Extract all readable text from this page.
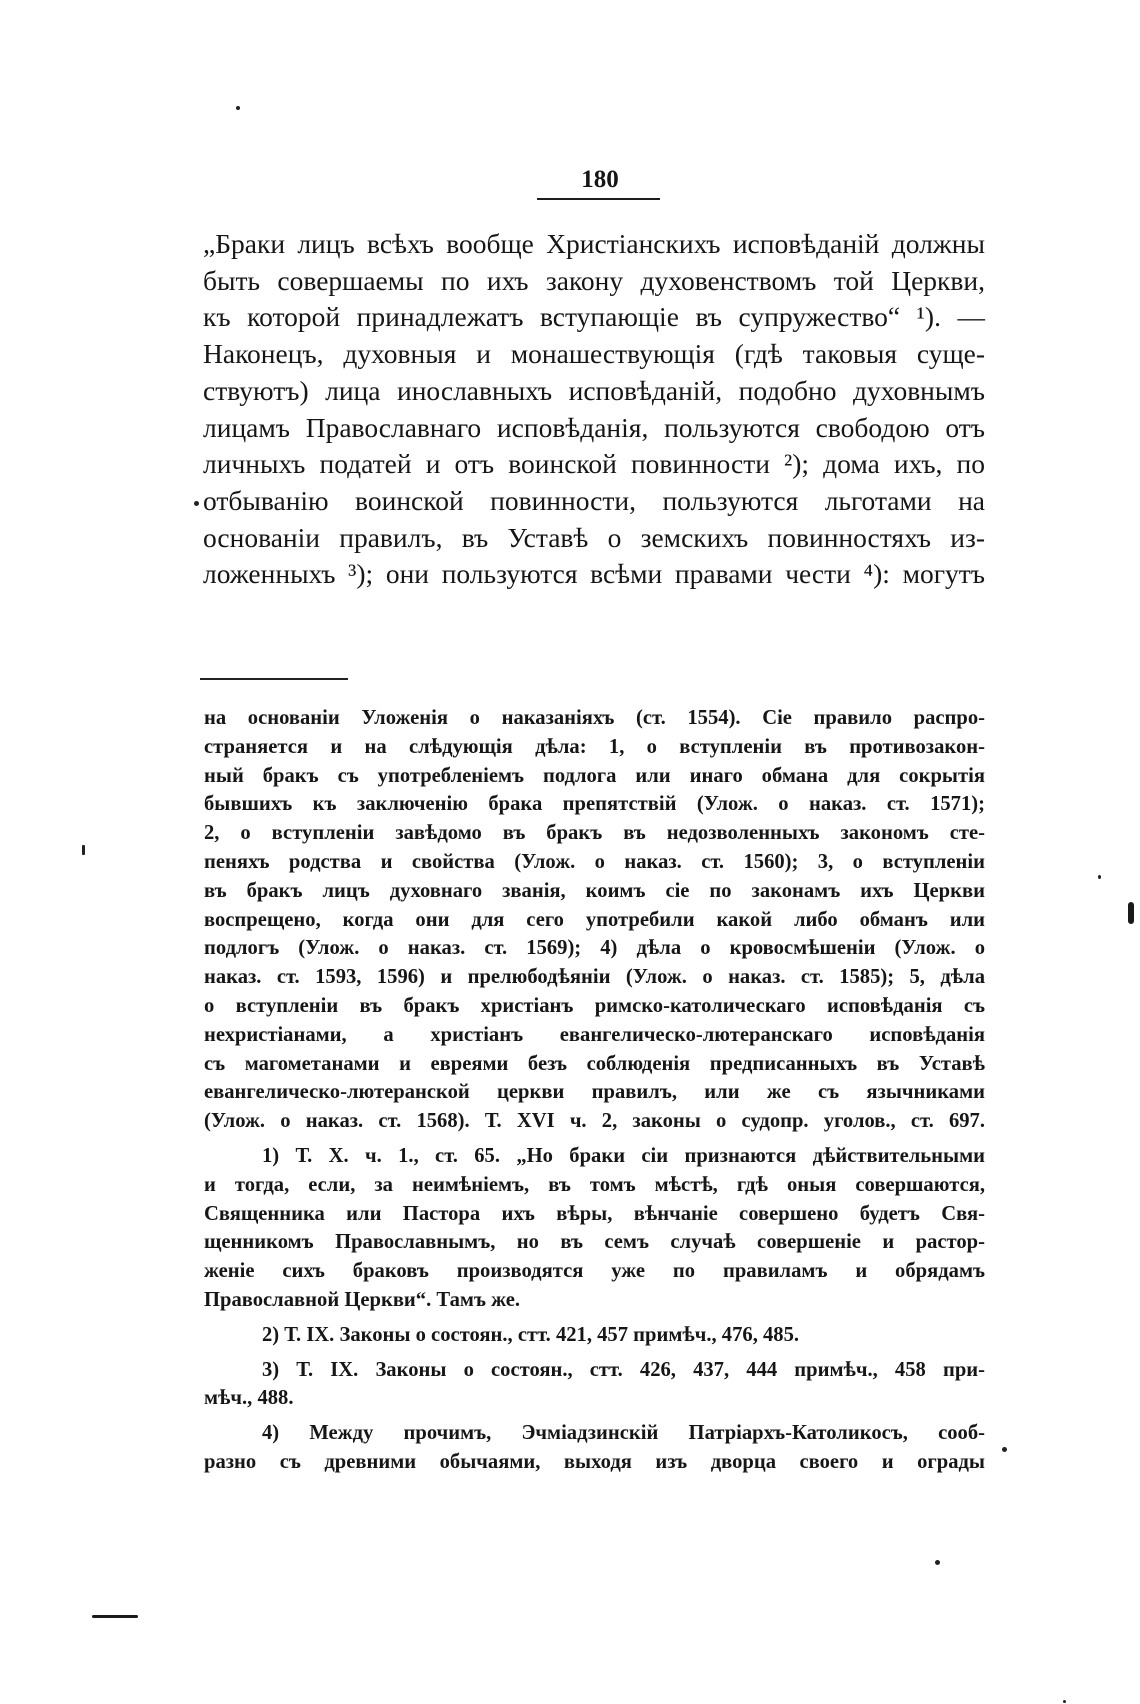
180
„Браки лицъ всѣхъ вообще Христіанскихъ исповѣданій должны
быть совершаемы по ихъ закону духовенствомъ той Церкви,
къ которой принадлежатъ вступающіе въ супружество“ ¹). —
Наконецъ, духовныя и монашествующія (гдѣ таковыя суще-
ствуютъ) лица инославныхъ исповѣданій, подобно духовнымъ
лицамъ Православнаго исповѣданія, пользуются свободою отъ
личныхъ податей и отъ воинской повинности ²); дома ихъ, по
отбыванію воинской повинности, пользуются льготами на
основаніи правилъ, въ Уставѣ о земскихъ повинностяхъ из-
ложенныхъ ³); они пользуются всѣми правами чести ⁴): могутъ
на основаніи Уложенія о наказаніяхъ (ст. 1554). Сіе правило распро-
страняется и на слѣдующія дѣла: 1, о вступленіи въ противозакон-
ный бракъ съ употребленіемъ подлога или инаго обмана для сокрытія
бывшихъ къ заключенію брака препятствій (Улож. о наказ. ст. 1571);
2, о вступленіи завѣдомо въ бракъ въ недозволенныхъ закономъ сте-
пеняхъ родства и свойства (Улож. о наказ. ст. 1560); 3, о вступленіи
въ бракъ лицъ духовнаго званія, коимъ сіе по законамъ ихъ Церкви
воспрещено, когда они для сего употребили какой либо обманъ или
подлогъ (Улож. о наказ. ст. 1569); 4) дѣла о кровосмѣшеніи (Улож. о
наказ. ст. 1593, 1596) и прелюбодѣяніи (Улож. о наказ. ст. 1585); 5, дѣла
о вступленіи въ бракъ христіанъ римско-католическаго исповѣданія съ
нехристіанами, а христіанъ евангелическо-лютеранскаго исповѣданія
съ магометанами и евреями безъ соблюденія предписанныхъ въ Уставѣ
евангелическо-лютеранской церкви правилъ, или же съ язычниками
(Улож. о наказ. ст. 1568). Т. XVI ч. 2, законы о судопр. уголов., ст. 697.
1) Т. X. ч. 1., ст. 65. „Но браки сіи признаются дѣйствительными
и тогда, если, за неимѣніемъ, въ томъ мѣстѣ, гдѣ оныя совершаются,
Священника или Пастора ихъ вѣры, вѣнчаніе совершено будетъ Свя-
щенникомъ Православнымъ, но въ семъ случаѣ совершеніе и растор-
женіе сихъ браковъ производятся уже по правиламъ и обрядамъ
Православной Церкви“. Тамъ же.
2) Т. IX. Законы о состоян., стт. 421, 457 примѣч., 476, 485.
3) Т. IX. Законы о состоян., стт. 426, 437, 444 примѣч., 458 при-
мѣч., 488.
4) Между прочимъ, Эчміадзинскій Патріархъ-Католикосъ, сооб-
разно съ древними обычаями, выходя изъ дворца своего и ограды
